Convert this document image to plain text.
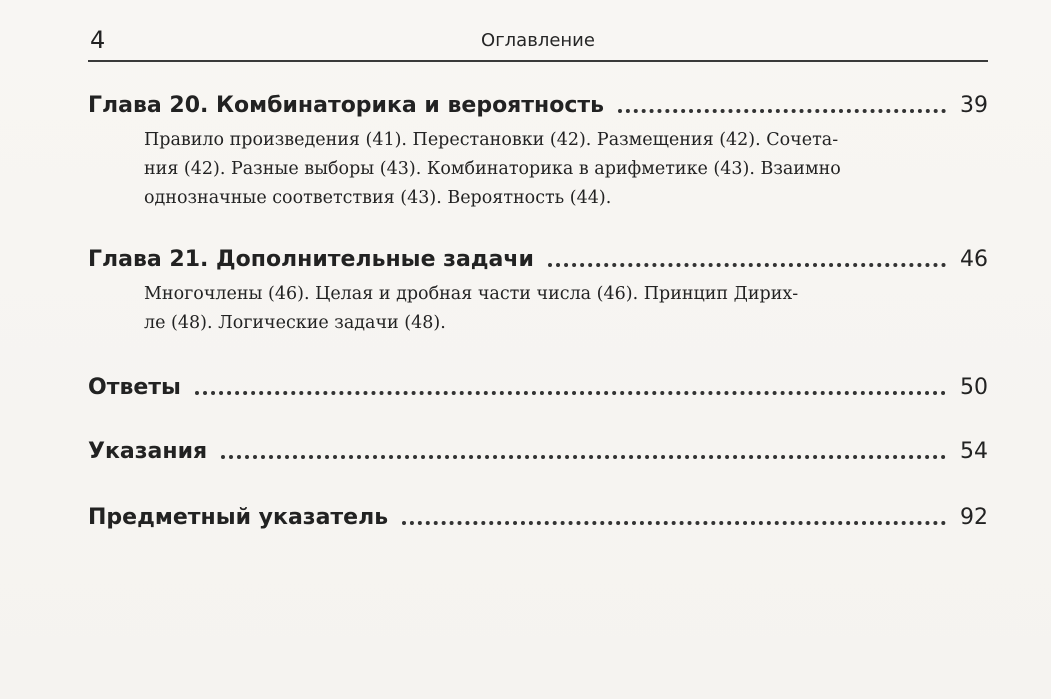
4	Оглавление
Глава 20. Комбинаторика и вероятность	39
Правило произведения (41). Перестановки (42). Размещения (42). Сочета-
ния (42). Разные выборы (43). Комбинаторика в арифметике (43). Взаимно
однозначные соответствия (43). Вероятность (44).
Глава 21. Дополнительные задачи	46
Многочлены (46). Целая и дробная части числа (46). Принцип Дирих-
ле (48). Логические задачи (48).
Ответы	50
Указания	54
Предметный указатель	92
